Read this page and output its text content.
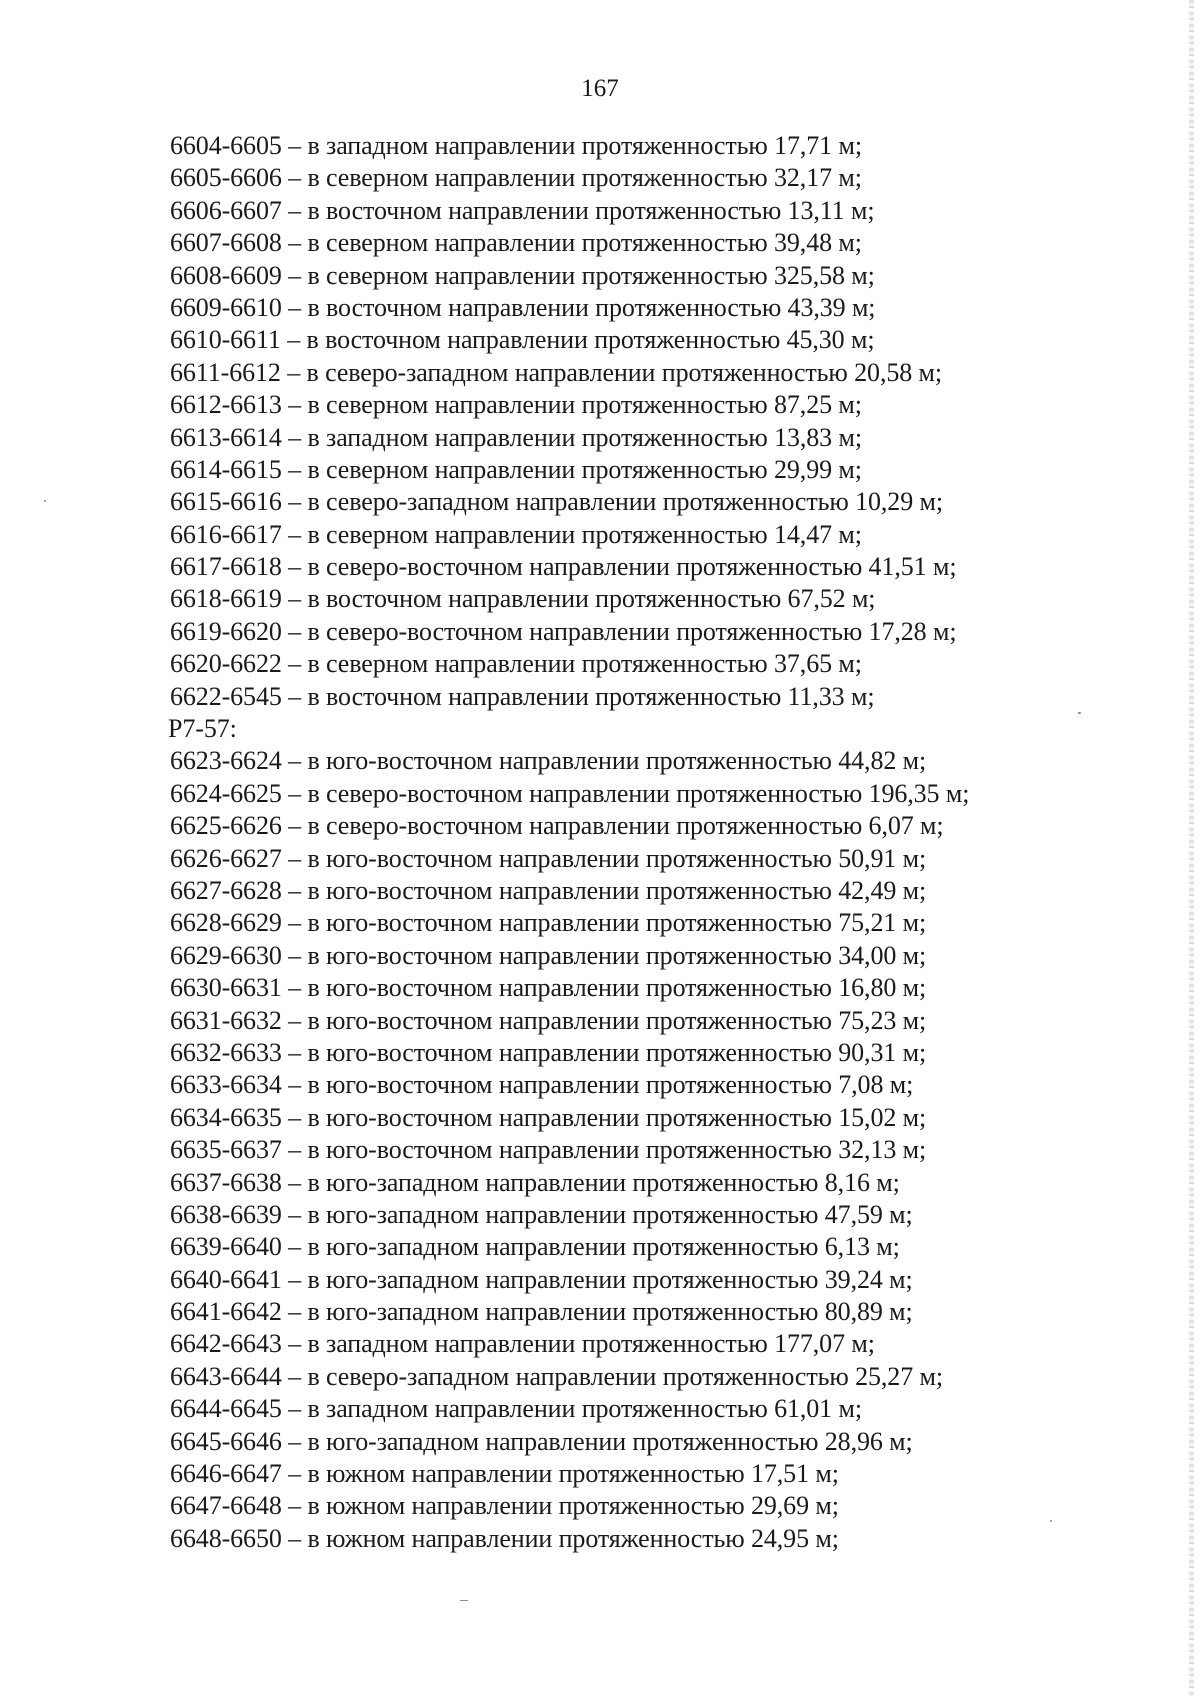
167
6604-6605 – в западном направлении протяженностью 17,71 м;
6605-6606 – в северном направлении протяженностью 32,17 м;
6606-6607 – в восточном направлении протяженностью 13,11 м;
6607-6608 – в северном направлении протяженностью 39,48 м;
6608-6609 – в северном направлении протяженностью 325,58 м;
6609-6610 – в восточном направлении протяженностью 43,39 м;
6610-6611 – в восточном направлении протяженностью 45,30 м;
6611-6612 – в северо-западном направлении протяженностью 20,58 м;
6612-6613 – в северном направлении протяженностью 87,25 м;
6613-6614 – в западном направлении протяженностью 13,83 м;
6614-6615 – в северном направлении протяженностью 29,99 м;
6615-6616 – в северо-западном направлении протяженностью 10,29 м;
6616-6617 – в северном направлении протяженностью 14,47 м;
6617-6618 – в северо-восточном направлении протяженностью 41,51 м;
6618-6619 – в восточном направлении протяженностью 67,52 м;
6619-6620 – в северо-восточном направлении протяженностью 17,28 м;
6620-6622 – в северном направлении протяженностью 37,65 м;
6622-6545 – в восточном направлении протяженностью 11,33 м;
Р7-57:
6623-6624 – в юго-восточном направлении протяженностью 44,82 м;
6624-6625 – в северо-восточном направлении протяженностью 196,35 м;
6625-6626 – в северо-восточном направлении протяженностью 6,07 м;
6626-6627 – в юго-восточном направлении протяженностью 50,91 м;
6627-6628 – в юго-восточном направлении протяженностью 42,49 м;
6628-6629 – в юго-восточном направлении протяженностью 75,21 м;
6629-6630 – в юго-восточном направлении протяженностью 34,00 м;
6630-6631 – в юго-восточном направлении протяженностью 16,80 м;
6631-6632 – в юго-восточном направлении протяженностью 75,23 м;
6632-6633 – в юго-восточном направлении протяженностью 90,31 м;
6633-6634 – в юго-восточном направлении протяженностью 7,08 м;
6634-6635 – в юго-восточном направлении протяженностью 15,02 м;
6635-6637 – в юго-восточном направлении протяженностью 32,13 м;
6637-6638 – в юго-западном направлении протяженностью 8,16 м;
6638-6639 – в юго-западном направлении протяженностью 47,59 м;
6639-6640 – в юго-западном направлении протяженностью 6,13 м;
6640-6641 – в юго-западном направлении протяженностью 39,24 м;
6641-6642 – в юго-западном направлении протяженностью 80,89 м;
6642-6643 – в западном направлении протяженностью 177,07 м;
6643-6644 – в северо-западном направлении протяженностью 25,27 м;
6644-6645 – в западном направлении протяженностью 61,01 м;
6645-6646 – в юго-западном направлении протяженностью 28,96 м;
6646-6647 – в южном направлении протяженностью 17,51 м;
6647-6648 – в южном направлении протяженностью 29,69 м;
6648-6650 – в южном направлении протяженностью 24,95 м;
